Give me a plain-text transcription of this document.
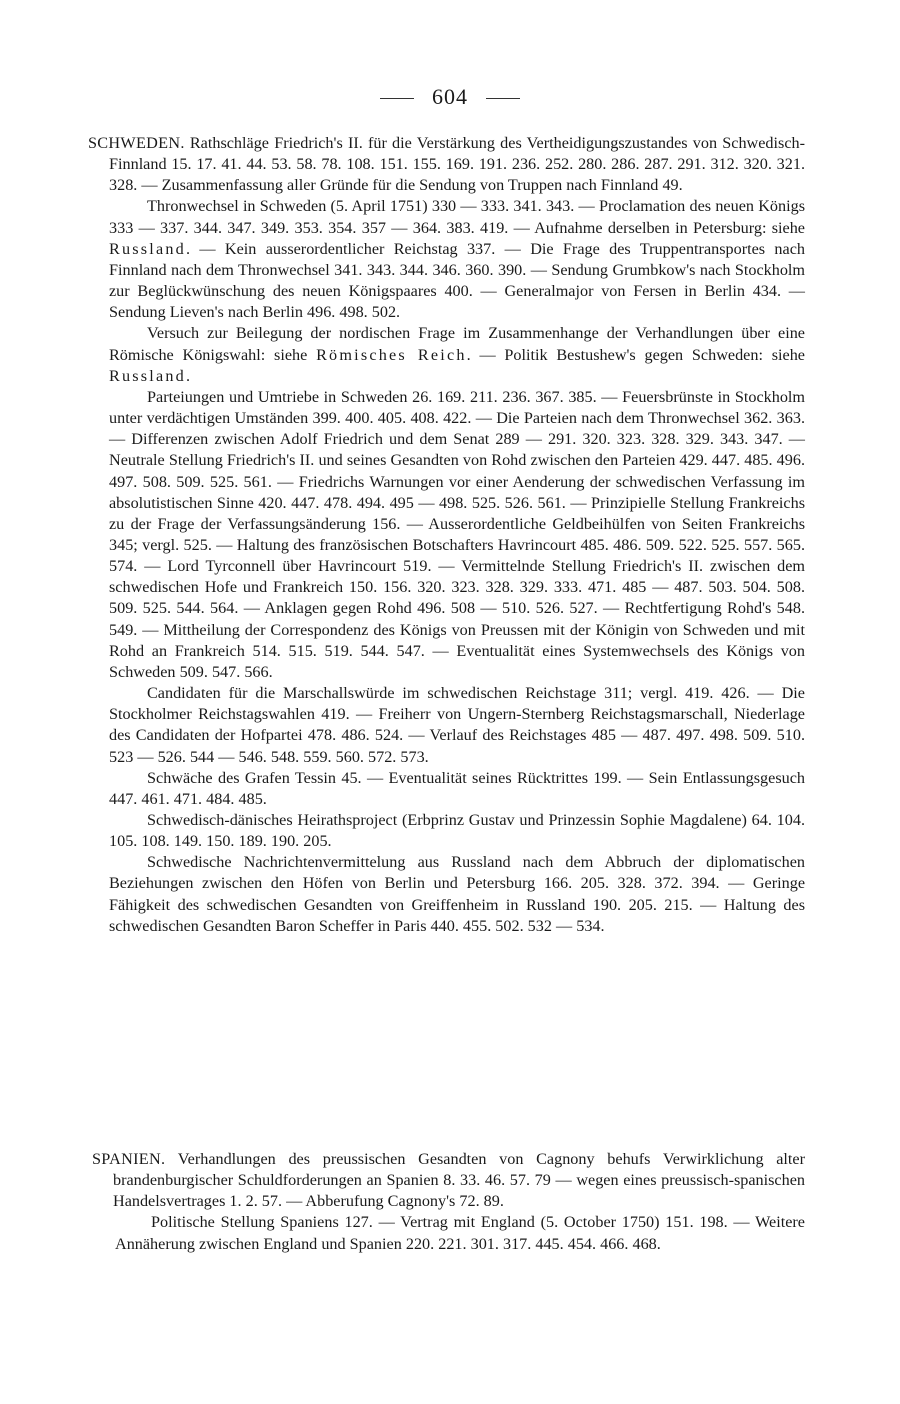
604

SCHWEDEN. Rathschläge Friedrich's II. für die Verstärkung des Vertheidigungszustandes von Schwedisch-Finnland 15. 17. 41. 44. 53. 58. 78. 108. 151. 155. 169. 191. 236. 252. 280. 286. 287. 291. 312. 320. 321. 328. — Zusammenfassung aller Gründe für die Sendung von Truppen nach Finnland 49.

Thronwechsel in Schweden (5. April 1751) 330 — 333. 341. 343. — Proclamation des neuen Königs 333 — 337. 344. 347. 349. 353. 354. 357 — 364. 383. 419. — Aufnahme derselben in Petersburg: siehe Russland. — Kein ausserordentlicher Reichstag 337. — Die Frage des Truppentransportes nach Finnland nach dem Thronwechsel 341. 343. 344. 346. 360. 390. — Sendung Grumbkow's nach Stockholm zur Beglückwünschung des neuen Königspaares 400. — Generalmajor von Fersen in Berlin 434. — Sendung Lieven's nach Berlin 496. 498. 502.

Versuch zur Beilegung der nordischen Frage im Zusammenhange der Verhandlungen über eine Römische Königswahl: siehe Römisches Reich. — Politik Bestushew's gegen Schweden: siehe Russland.

Parteiungen und Umtriebe in Schweden 26. 169. 211. 236. 367. 385. — Feuersbrünste in Stockholm unter verdächtigen Umständen 399. 400. 405. 408. 422. — Die Parteien nach dem Thronwechsel 362. 363. — Differenzen zwischen Adolf Friedrich und dem Senat 289 — 291. 320. 323. 328. 329. 343. 347. — Neutrale Stellung Friedrich's II. und seines Gesandten von Rohd zwischen den Parteien 429. 447. 485. 496. 497. 508. 509. 525. 561. — Friedrichs Warnungen vor einer Aenderung der schwedischen Verfassung im absolutistischen Sinne 420. 447. 478. 494. 495 — 498. 525. 526. 561. — Prinzipielle Stellung Frankreichs zu der Frage der Verfassungsänderung 156. — Ausserordentliche Geldbeihülfen von Seiten Frankreichs 345; vergl. 525. — Haltung des französischen Botschafters Havrincourt 485. 486. 509. 522. 525. 557. 565. 574. — Lord Tyrconnell über Havrincourt 519. — Vermittelnde Stellung Friedrich's II. zwischen dem schwedischen Hofe und Frankreich 150. 156. 320. 323. 328. 329. 333. 471. 485 — 487. 503. 504. 508. 509. 525. 544. 564. — Anklagen gegen Rohd 496. 508 — 510. 526. 527. — Rechtfertigung Rohd's 548. 549. — Mittheilung der Correspondenz des Königs von Preussen mit der Königin von Schweden und mit Rohd an Frankreich 514. 515. 519. 544. 547. — Eventualität eines Systemwechsels des Königs von Schweden 509. 547. 566.

Candidaten für die Marschallswürde im schwedischen Reichstage 311; vergl. 419. 426. — Die Stockholmer Reichstagswahlen 419. — Freiherr von Ungern-Sternberg Reichstagsmarschall, Niederlage des Candidaten der Hofpartei 478. 486. 524. — Verlauf des Reichstages 485 — 487. 497. 498. 509. 510. 523 — 526. 544 — 546. 548. 559. 560. 572. 573.

Schwäche des Grafen Tessin 45. — Eventualität seines Rücktrittes 199. — Sein Entlassungsgesuch 447. 461. 471. 484. 485.

Schwedisch-dänisches Heirathsproject (Erbprinz Gustav und Prinzessin Sophie Magdalene) 64. 104. 105. 108. 149. 150. 189. 190. 205.

Schwedische Nachrichtenvermittelung aus Russland nach dem Abbruch der diplomatischen Beziehungen zwischen den Höfen von Berlin und Petersburg 166. 205. 328. 372. 394. — Geringe Fähigkeit des schwedischen Gesandten von Greiffenheim in Russland 190. 205. 215. — Haltung des schwedischen Gesandten Baron Scheffer in Paris 440. 455. 502. 532 — 534.

SPANIEN. Verhandlungen des preussischen Gesandten von Cagnony behufs Verwirklichung alter brandenburgischer Schuldforderungen an Spanien 8. 33. 46. 57. 79 — wegen eines preussisch-spanischen Handelsvertrages 1. 2. 57. — Abberufung Cagnony's 72. 89.

Politische Stellung Spaniens 127. — Vertrag mit England (5. October 1750) 151. 198. — Weitere Annäherung zwischen England und Spanien 220. 221. 301. 317. 445. 454. 466. 468.
